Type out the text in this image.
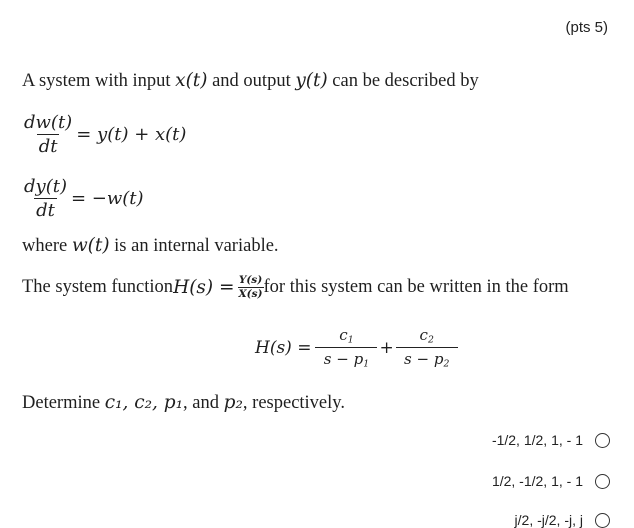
(pts 5)
A system with input x(t) and output y(t) can be described by
$\frac{dw(t)}{dt} = y(t) + x(t)$
$\frac{dy(t)}{dt} = -w(t)$
where w(t) is an internal variable.
The system function $H(s) = \frac{Y(s)}{X(s)}$ for this system can be written in the form
$H(s) = \frac{c_1}{s - p_1} + \frac{c_2}{s - p_2}$
Determine c₁, c₂, p₁, and p₂, respectively.
-1/2, 1/2, 1, - 1
1/2, -1/2, 1, - 1
j/2, -j/2, -j, j
